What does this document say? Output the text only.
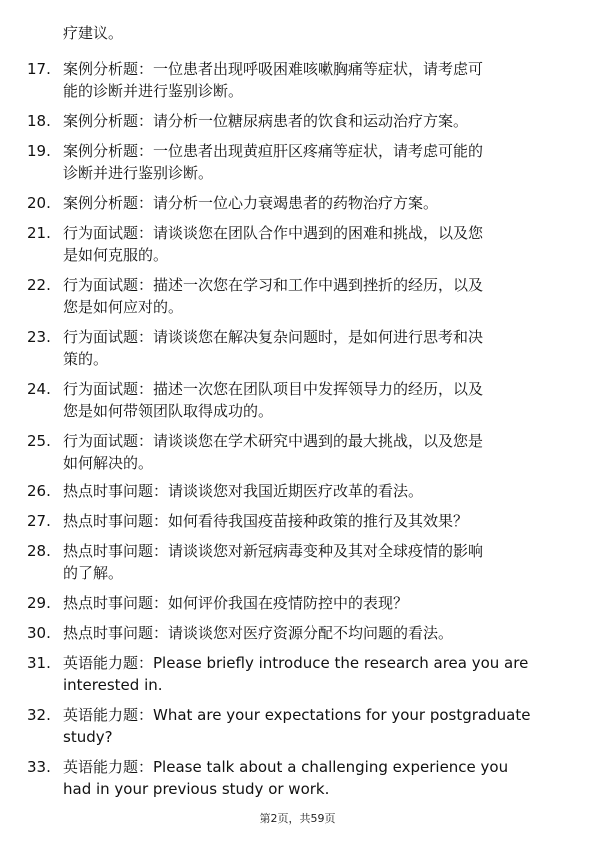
疗建议。
17. 案例分析题：一位患者出现呼吸困难咳嗽胸痛等症状，请考虑可
能的诊断并进行鉴别诊断。
18. 案例分析题：请分析一位糖尿病患者的饮食和运动治疗方案。
19. 案例分析题：一位患者出现黄疸肝区疼痛等症状，请考虑可能的
诊断并进行鉴别诊断。
20. 案例分析题：请分析一位心力衰竭患者的药物治疗方案。
21. 行为面试题：请谈谈您在团队合作中遇到的困难和挑战，以及您
是如何克服的。
22. 行为面试题：描述一次您在学习和工作中遇到挫折的经历，以及
您是如何应对的。
23. 行为面试题：请谈谈您在解决复杂问题时，是如何进行思考和决
策的。
24. 行为面试题：描述一次您在团队项目中发挥领导力的经历，以及
您是如何带领团队取得成功的。
25. 行为面试题：请谈谈您在学术研究中遇到的最大挑战，以及您是
如何解决的。
26. 热点时事问题：请谈谈您对我国近期医疗改革的看法。
27. 热点时事问题：如何看待我国疫苗接种政策的推行及其效果？
28. 热点时事问题：请谈谈您对新冠病毒变种及其对全球疫情的影响
的了解。
29. 热点时事问题：如何评价我国在疫情防控中的表现？
30. 热点时事问题：请谈谈您对医疗资源分配不均问题的看法。
31. 英语能力题：Please briefly introduce the research area you are
interested in.
32. 英语能力题：What are your expectations for your postgraduate
study?
33. 英语能力题：Please talk about a challenging experience you
had in your previous study or work.
第2页，共59页
